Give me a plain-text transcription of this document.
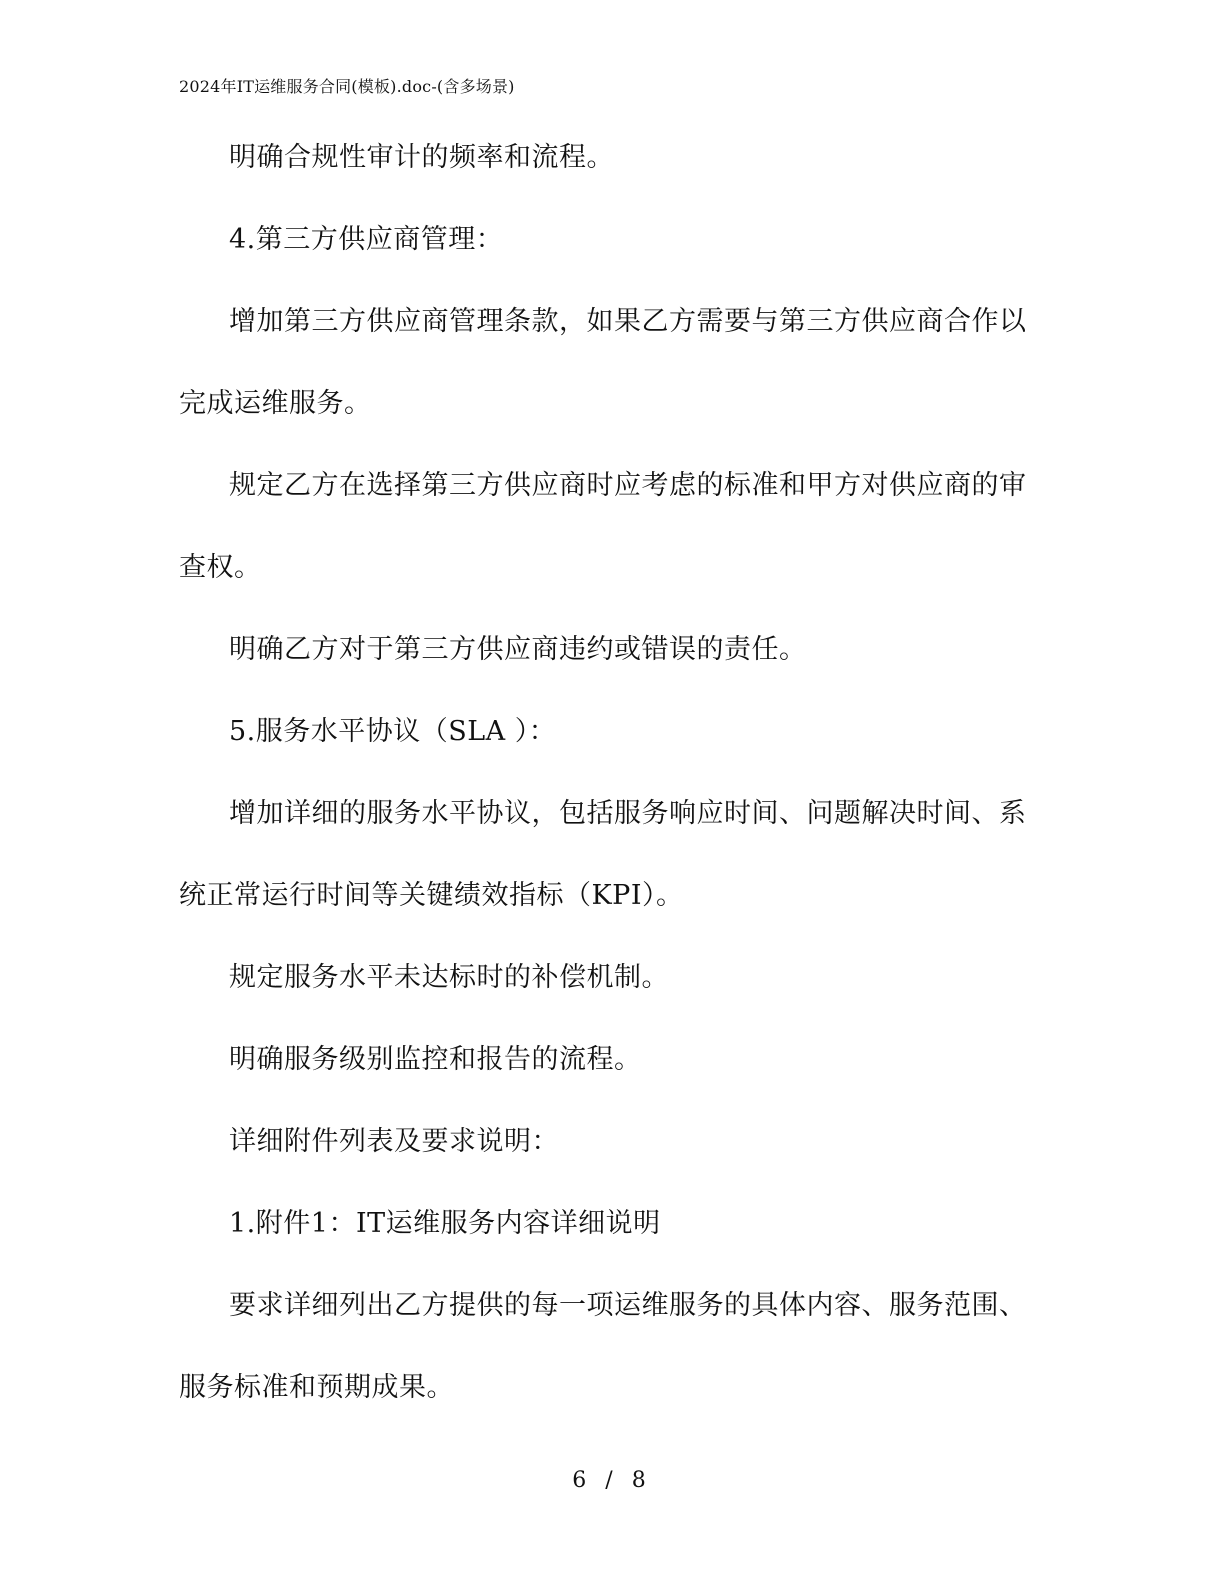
2024年IT运维服务合同(模板).doc-(含多场景)

明确合规性审计的频率和流程。

4.第三方供应商管理：

增加第三方供应商管理条款，如果乙方需要与第三方供应商合作以完成运维服务。

规定乙方在选择第三方供应商时应考虑的标准和甲方对供应商的审查权。

明确乙方对于第三方供应商违约或错误的责任。

5.服务水平协议（SLA ）：

增加详细的服务水平协议，包括服务响应时间、问题解决时间、系统正常运行时间等关键绩效指标（KPI）。

规定服务水平未达标时的补偿机制。

明确服务级别监控和报告的流程。

详细附件列表及要求说明：

1.附件1：IT运维服务内容详细说明

要求详细列出乙方提供的每一项运维服务的具体内容、服务范围、服务标准和预期成果。

6 / 8
